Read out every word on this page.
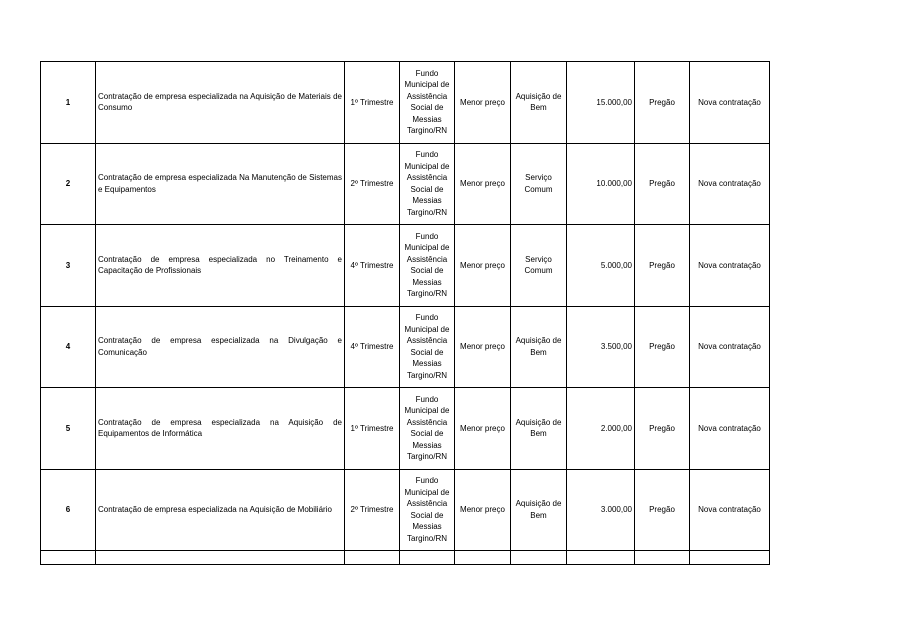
1	Contratação de empresa especializada na Aquisição de Materiais de Consumo	1º Trimestre	Fundo Municipal de Assistência Social de Messias Targino/RN	Menor preço	Aquisição de Bem	15.000,00	Pregão	Nova contratação
2	Contratação de empresa especializada Na Manutenção de Sistemas e Equipamentos	2º Trimestre	Fundo Municipal de Assistência Social de Messias Targino/RN	Menor preço	Serviço Comum	10.000,00	Pregão	Nova contratação
3	Contratação de empresa especializada no Treinamento e Capacitação de Profissionais	4º Trimestre	Fundo Municipal de Assistência Social de Messias Targino/RN	Menor preço	Serviço Comum	5.000,00	Pregão	Nova contratação
4	Contratação de empresa especializada na Divulgação e Comunicação	4º Trimestre	Fundo Municipal de Assistência Social de Messias Targino/RN	Menor preço	Aquisição de Bem	3.500,00	Pregão	Nova contratação
5	Contratação de empresa especializada na Aquisição de Equipamentos de Informática	1º Trimestre	Fundo Municipal de Assistência Social de Messias Targino/RN	Menor preço	Aquisição de Bem	2.000,00	Pregão	Nova contratação
6	Contratação de empresa especializada na Aquisição de Mobiliário	2º Trimestre	Fundo Municipal de Assistência Social de Messias Targino/RN	Menor preço	Aquisição de Bem	3.000,00	Pregão	Nova contratação
